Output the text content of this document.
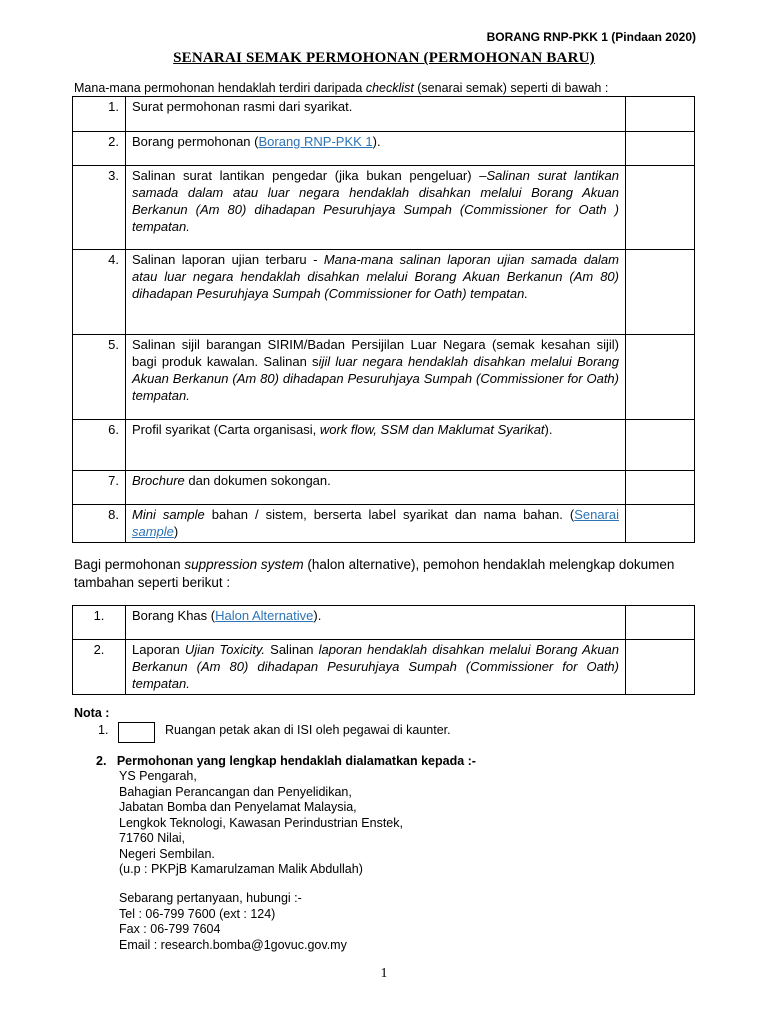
BORANG RNP-PKK 1 (Pindaan 2020)
SENARAI SEMAK PERMOHONAN (PERMOHONAN BARU)
Mana-mana permohonan hendaklah terdiri daripada checklist (senarai semak) seperti di bawah :
1.	Surat permohonan rasmi dari syarikat.	
2.	Borang permohonan (Borang RNP-PKK 1).	
3.	Salinan surat lantikan pengedar (jika bukan pengeluar) –Salinan surat lantikan samada dalam atau luar negara hendaklah disahkan melalui Borang Akuan Berkanun (Am 80) dihadapan Pesuruhjaya Sumpah (Commissioner for Oath ) tempatan.	
4.	Salinan laporan ujian terbaru - Mana-mana salinan laporan ujian samada dalam atau luar negara hendaklah disahkan melalui Borang Akuan Berkanun (Am 80) dihadapan Pesuruhjaya Sumpah (Commissioner for Oath) tempatan.	
5.	Salinan sijil barangan SIRIM/Badan Persijilan Luar Negara (semak kesahan sijil) bagi produk kawalan. Salinan sijil luar negara hendaklah disahkan melalui Borang Akuan Berkanun (Am 80) dihadapan Pesuruhjaya Sumpah (Commissioner for Oath) tempatan.	
6.	Profil syarikat (Carta organisasi, work flow, SSM dan Maklumat Syarikat).	
7.	Brochure dan dokumen sokongan.	
8.	Mini sample bahan / sistem, berserta label syarikat dan nama bahan. (Senarai sample)	
Bagi permohonan suppression system (halon alternative), pemohon hendaklah melengkap dokumen tambahan seperti berikut :
1.	Borang Khas (Halon Alternative).	
2.	Laporan Ujian Toxicity. Salinan laporan hendaklah disahkan melalui Borang Akuan Berkanun (Am 80) dihadapan Pesuruhjaya Sumpah (Commissioner for Oath) tempatan.	
Nota :
1.	Ruangan petak akan di ISI oleh pegawai di kaunter.
2.   Permohonan yang lengkap hendaklah dialamatkan kepada :-
YS Pengarah,
Bahagian Perancangan dan Penyelidikan,
Jabatan Bomba dan Penyelamat Malaysia,
Lengkok Teknologi, Kawasan Perindustrian Enstek,
71760 Nilai,
Negeri Sembilan.
(u.p : PKPjB Kamarulzaman Malik Abdullah)
Sebarang pertanyaan, hubungi :-
Tel : 06-799 7600 (ext : 124)
Fax : 06-799 7604
Email : research.bomba@1govuc.gov.my
1
